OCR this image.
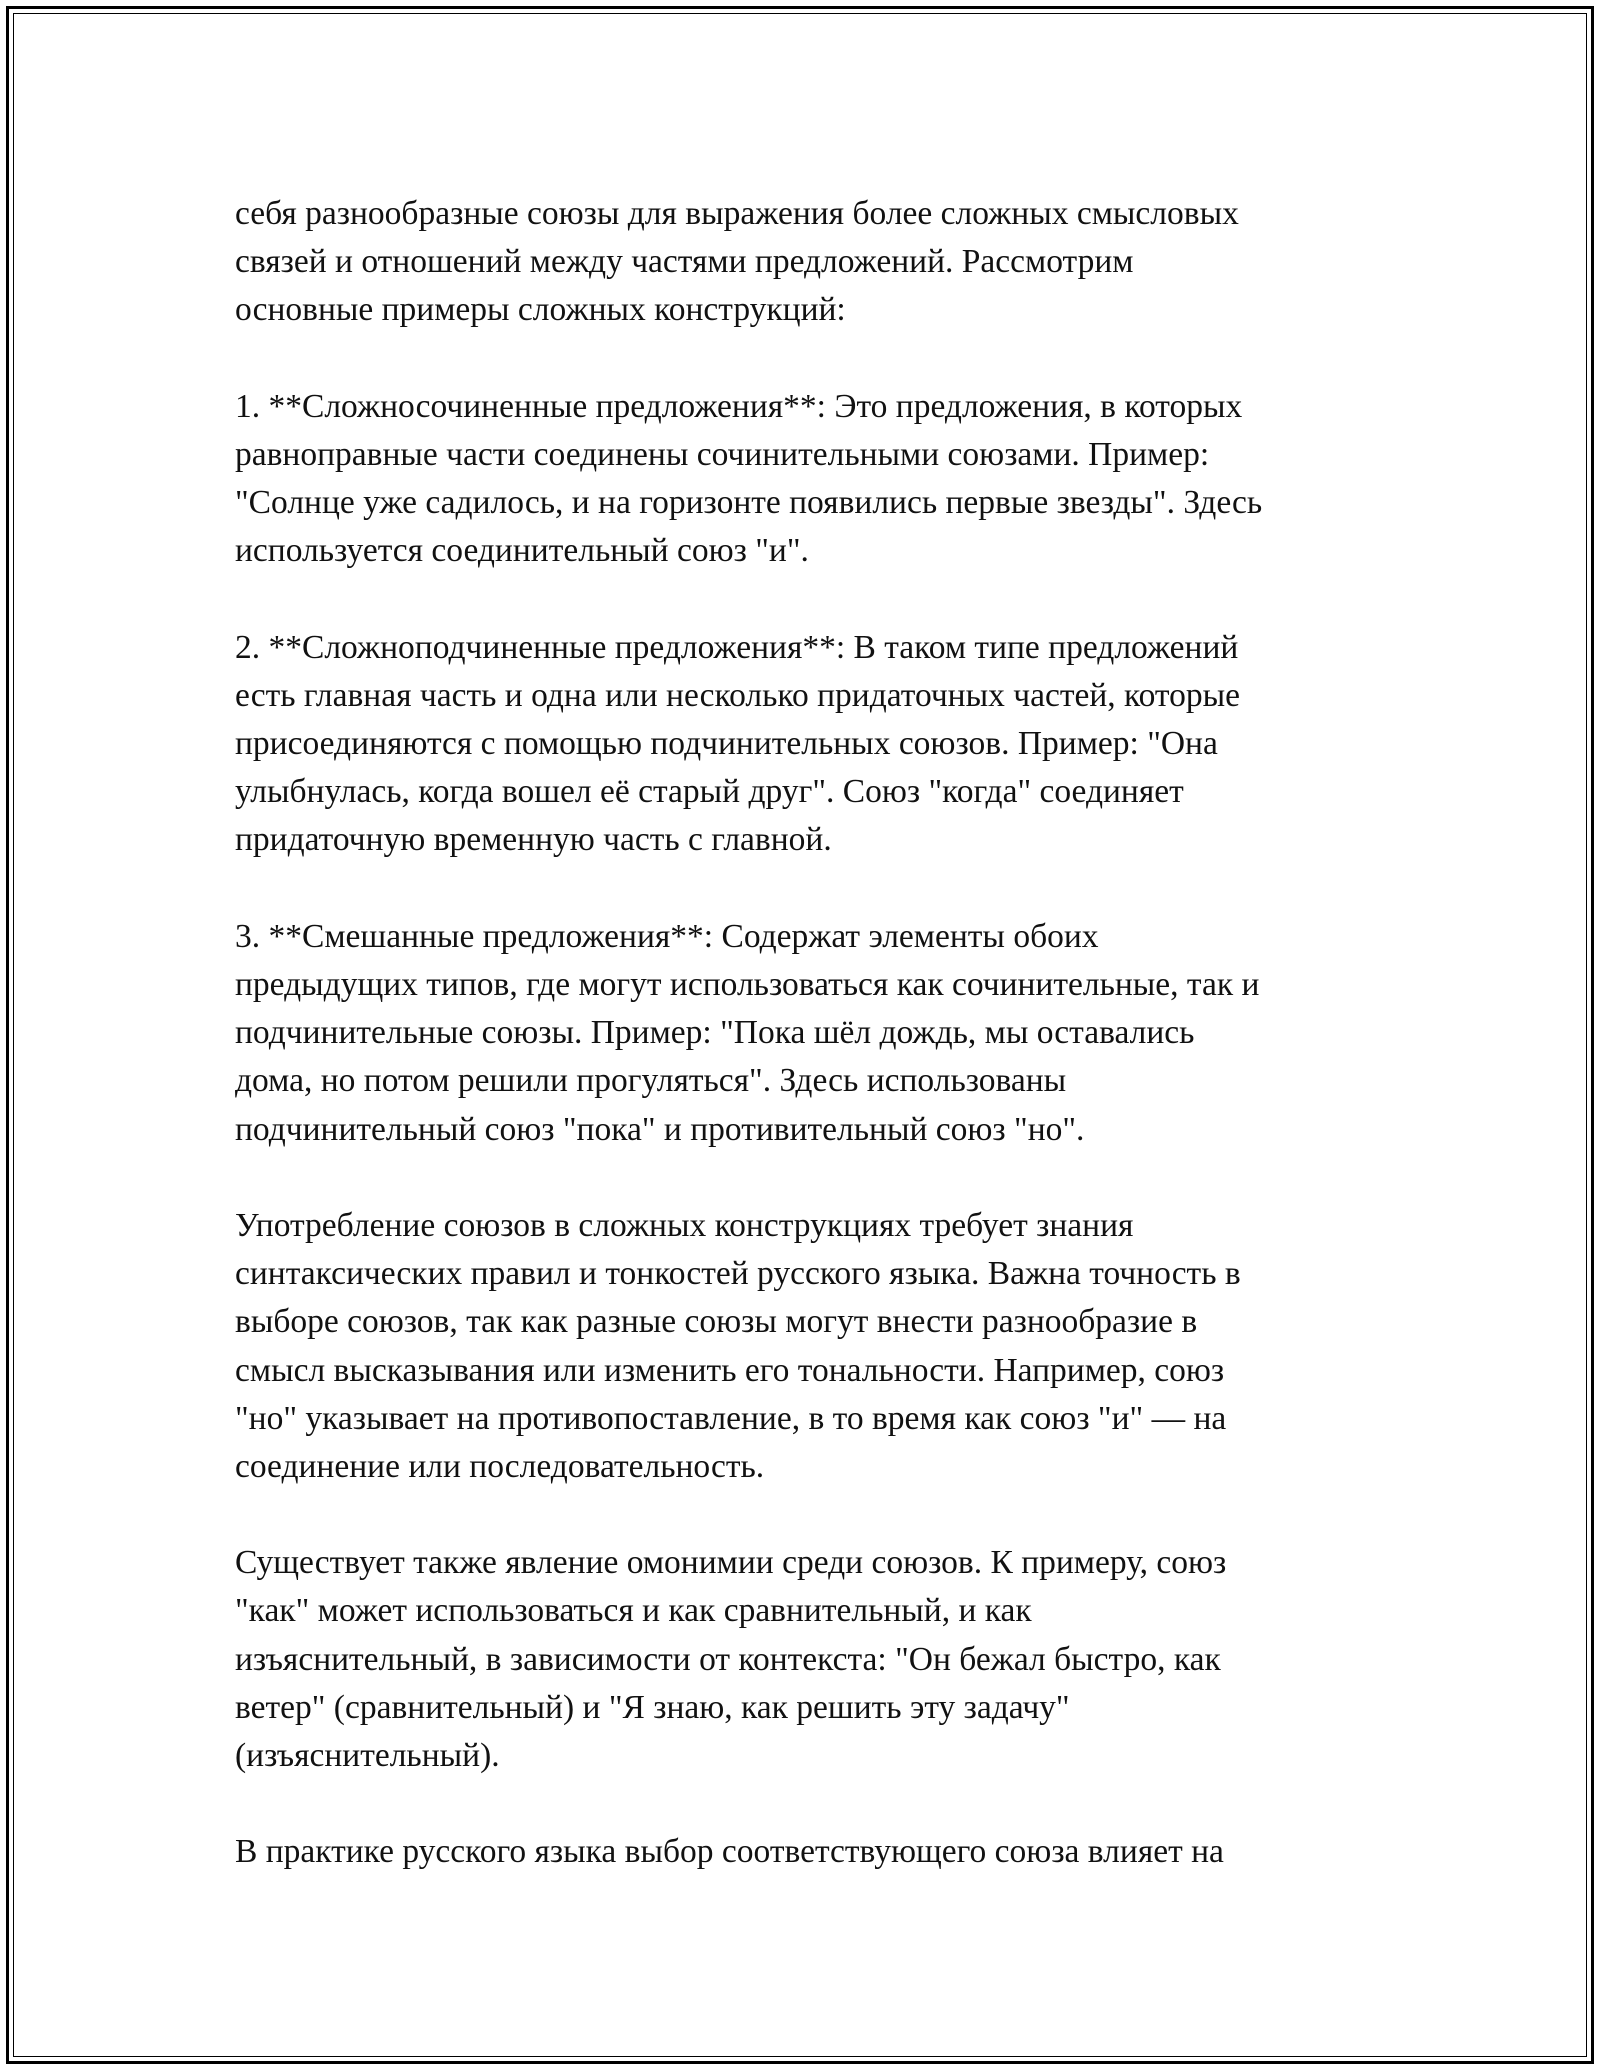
себя разнообразные союзы для выражения более сложных смысловых
связей и отношений между частями предложений. Рассмотрим
основные примеры сложных конструкций:
1. **Сложносочиненные предложения**: Это предложения, в которых
равноправные части соединены сочинительными союзами. Пример:
"Солнце уже садилось, и на горизонте появились первые звезды". Здесь
используется соединительный союз "и".
2. **Сложноподчиненные предложения**: В таком типе предложений
есть главная часть и одна или несколько придаточных частей, которые
присоединяются с помощью подчинительных союзов. Пример: "Она
улыбнулась, когда вошел её старый друг". Союз "когда" соединяет
придаточную временную часть с главной.
3. **Смешанные предложения**: Содержат элементы обоих
предыдущих типов, где могут использоваться как сочинительные, так и
подчинительные союзы. Пример: "Пока шёл дождь, мы оставались
дома, но потом решили прогуляться". Здесь использованы
подчинительный союз "пока" и противительный союз "но".
Употребление союзов в сложных конструкциях требует знания
синтаксических правил и тонкостей русского языка. Важна точность в
выборе союзов, так как разные союзы могут внести разнообразие в
смысл высказывания или изменить его тональности. Например, союз
"но" указывает на противопоставление, в то время как союз "и" — на
соединение или последовательность.
Существует также явление омонимии среди союзов. К примеру, союз
"как" может использоваться и как сравнительный, и как
изъяснительный, в зависимости от контекста: "Он бежал быстро, как
ветер" (сравнительный) и "Я знаю, как решить эту задачу"
(изъяснительный).
В практике русского языка выбор соответствующего союза влияет на
